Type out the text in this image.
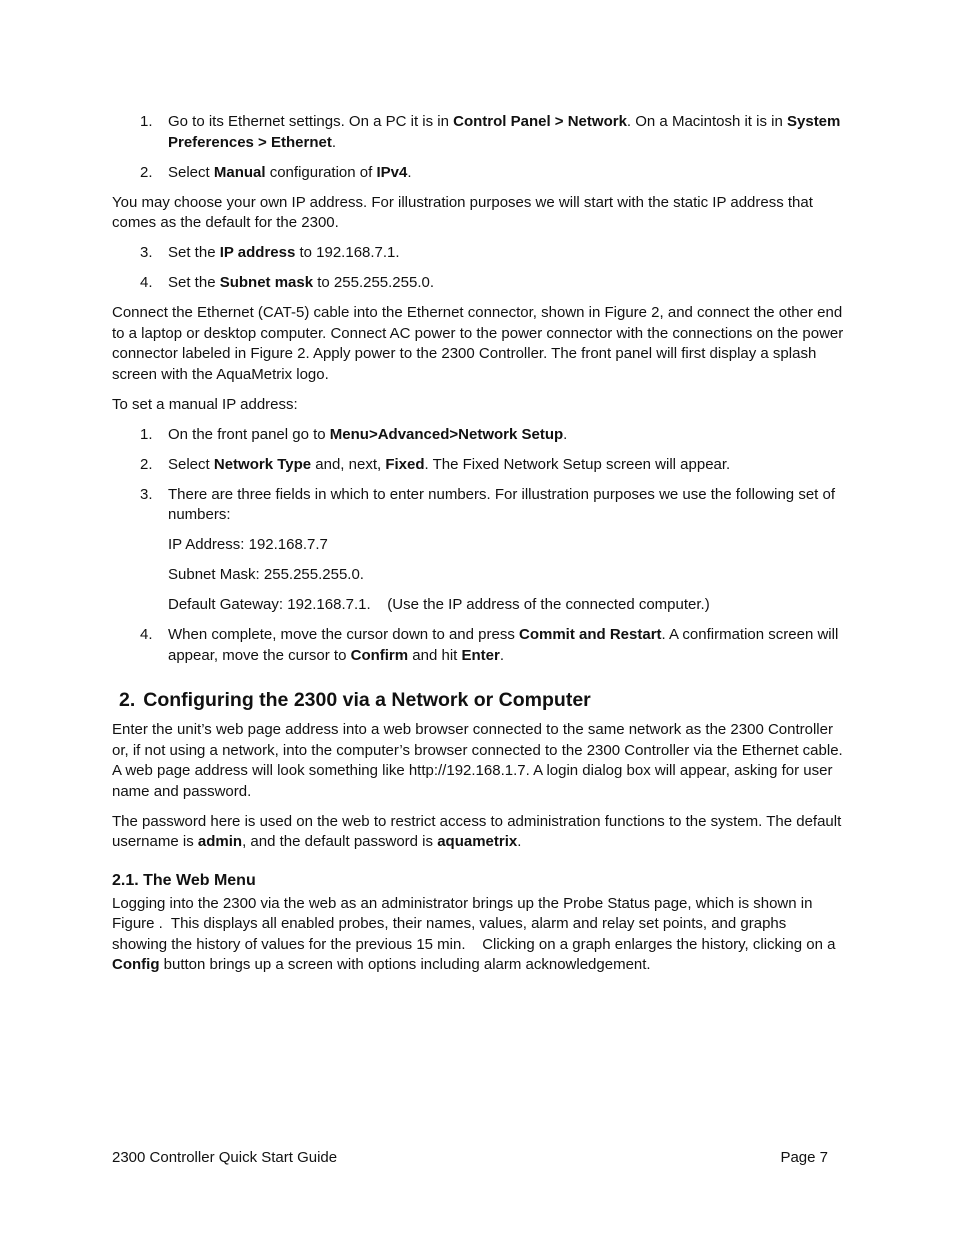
1. Go to its Ethernet settings. On a PC it is in Control Panel > Network. On a Macintosh it is in System Preferences > Ethernet.
2. Select Manual configuration of IPv4.

You may choose your own IP address. For illustration purposes we will start with the static IP address that comes as the default for the 2300.

3. Set the IP address to 192.168.7.1.
4. Set the Subnet mask to 255.255.255.0.

Connect the Ethernet (CAT-5) cable into the Ethernet connector, shown in Figure 2, and connect the other end to a laptop or desktop computer. Connect AC power to the power connector with the connections on the power connector labeled in Figure 2. Apply power to the 2300 Controller. The front panel will first display a splash screen with the AquaMetrix logo.

To set a manual IP address:

1. On the front panel go to Menu>Advanced>Network Setup.
2. Select Network Type and, next, Fixed. The Fixed Network Setup screen will appear.
3. There are three fields in which to enter numbers. For illustration purposes we use the following set of numbers:
IP Address: 192.168.7.7
Subnet Mask: 255.255.255.0.
Default Gateway: 192.168.7.1.    (Use the IP address of the connected computer.)
4. When complete, move the cursor down to and press Commit and Restart. A confirmation screen will appear, move the cursor to Confirm and hit Enter.
2. Configuring the 2300 via a Network or Computer

Enter the unit’s web page address into a web browser connected to the same network as the 2300 Controller or, if not using a network, into the computer’s browser connected to the 2300 Controller via the Ethernet cable. A web page address will look something like http://192.168.1.7. A login dialog box will appear, asking for user name and password.

The password here is used on the web to restrict access to administration functions to the system. The default username is admin, and the default password is aquametrix.

2.1. The Web Menu

Logging into the 2300 via the web as an administrator brings up the Probe Status page, which is shown in Figure .  This displays all enabled probes, their names, values, alarm and relay set points, and graphs showing the history of values for the previous 15 min.    Clicking on a graph enlarges the history, clicking on a Config button brings up a screen with options including alarm acknowledgement.

2300 Controller Quick Start Guide	Page 7
